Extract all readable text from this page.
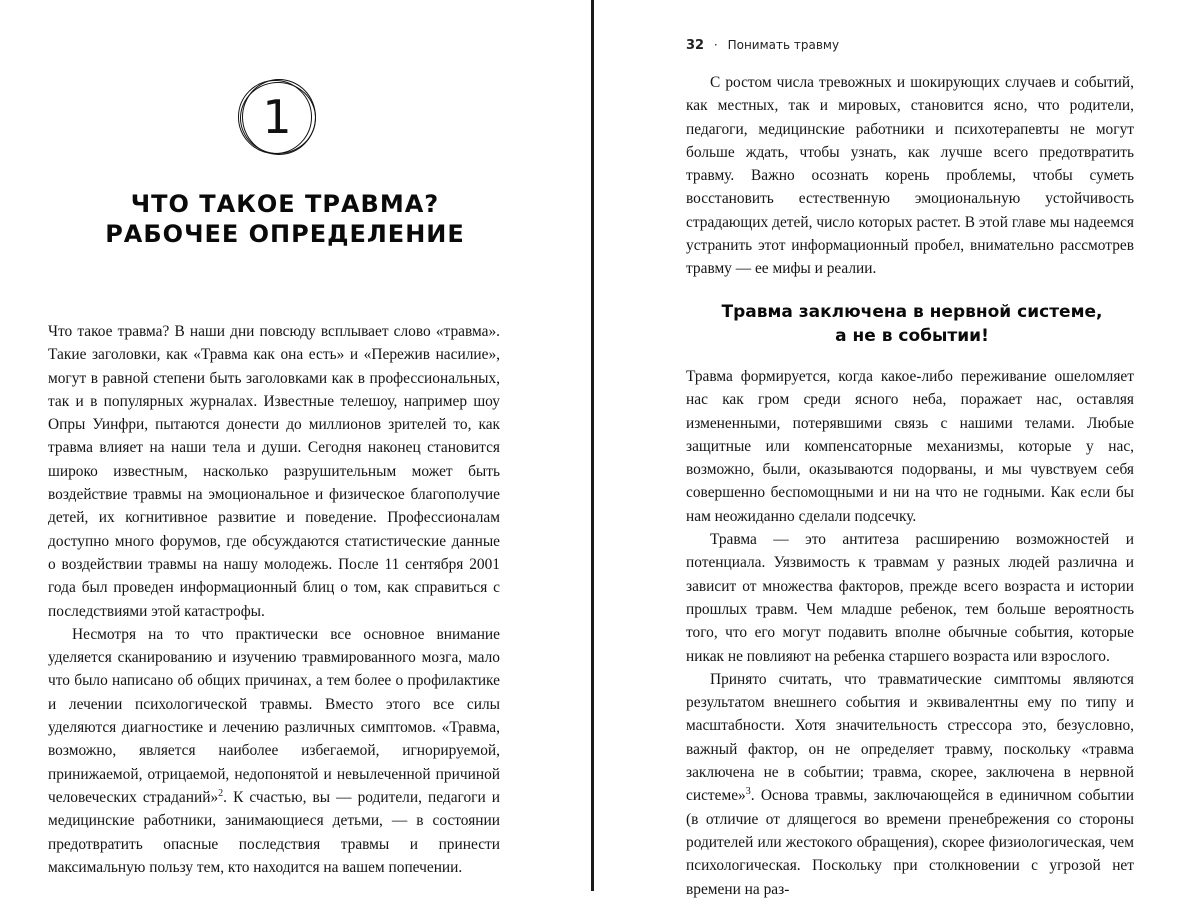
1
ЧТО ТАКОЕ ТРАВМА?
РАБОЧЕЕ ОПРЕДЕЛЕНИЕ

Что такое травма? В наши дни повсюду всплывает слово «травма». Такие заголовки, как «Травма как она есть» и «Пережив насилие», могут в равной степени быть заголовками как в профессиональных, так и в популярных журналах. Известные телешоу, например шоу Опры Уинфри, пытаются донести до миллионов зрителей то, как травма влияет на наши тела и души. Сегодня наконец становится широко известным, насколько разрушительным может быть воздействие травмы на эмоциональное и физическое благополучие детей, их когнитивное развитие и поведение. Профессионалам доступно много форумов, где обсуждаются статистические данные о воздействии травмы на нашу молодежь. После 11 сентября 2001 года был проведен информационный блиц о том, как справиться с последствиями этой катастрофы.

Несмотря на то что практически все основное внимание уделяется сканированию и изучению травмированного мозга, мало что было написано об общих причинах, а тем более о профилактике и лечении психологической травмы. Вместо этого все силы уделяются диагностике и лечению различных симптомов. «Травма, возможно, является наиболее избегаемой, игнорируемой, принижаемой, отрицаемой, недопонятой и невылеченной причиной человеческих страданий»$^2$. К счастью, вы — родители, педагоги и медицинские работники, занимающиеся детьми, — в состоянии предотвратить опасные последствия травмы и принести максимальную пользу тем, кто находится на вашем попечении.

32 · Понимать травму

С ростом числа тревожных и шокирующих случаев и событий, как местных, так и мировых, становится ясно, что родители, педагоги, медицинские работники и психотерапевты не могут больше ждать, чтобы узнать, как лучше всего предотвратить травму. Важно осознать корень проблемы, чтобы суметь восстановить естественную эмоциональную устойчивость страдающих детей, число которых растет. В этой главе мы надеемся устранить этот информационный пробел, внимательно рассмотрев травму — ее мифы и реалии.

Травма заключена в нервной системе,
а не в событии!

Травма формируется, когда какое-либо переживание ошеломляет нас как гром среди ясного неба, поражает нас, оставляя измененными, потерявшими связь с нашими телами. Любые защитные или компенсаторные механизмы, которые у нас, возможно, были, оказываются подорваны, и мы чувствуем себя совершенно беспомощными и ни на что не годными. Как если бы нам неожиданно сделали подсечку.

Травма — это антитеза расширению возможностей и потенциала. Уязвимость к травмам у разных людей различна и зависит от множества факторов, прежде всего возраста и истории прошлых травм. Чем младше ребенок, тем больше вероятность того, что его могут подавить вполне обычные события, которые никак не повлияют на ребенка старшего возраста или взрослого.

Принято считать, что травматические симптомы являются результатом внешнего события и эквивалентны ему по типу и масштабности. Хотя значительность стрессора это, безусловно, важный фактор, он не определяет травму, поскольку «травма заключена не в событии; травма, скорее, заключена в нервной системе»$^3$. Основа травмы, заключающейся в единичном событии (в отличие от длящегося во времени пренебрежения со стороны родителей или жестокого обращения), скорее физиологическая, чем психологическая. Поскольку при столкновении с угрозой нет времени на раз-
